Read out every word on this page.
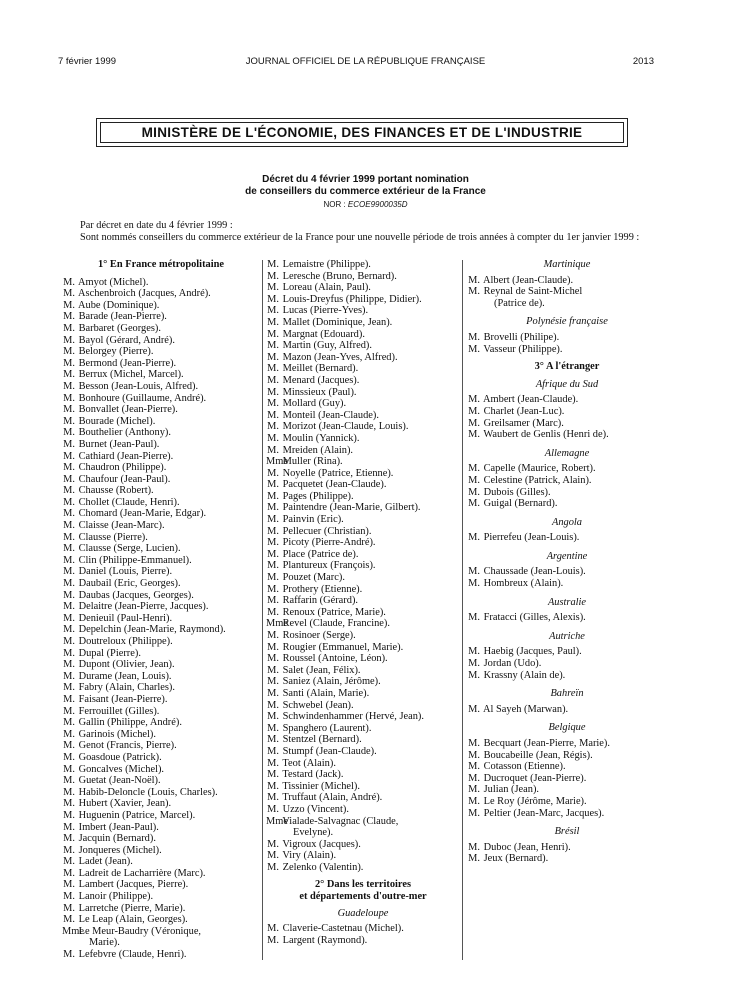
7 février 1999	JOURNAL OFFICIEL DE LA RÉPUBLIQUE FRANÇAISE	2013
MINISTÈRE DE L'ÉCONOMIE, DES FINANCES ET DE L'INDUSTRIE
Décret du 4 février 1999 portant nomination
de conseillers du commerce extérieur de la France
NOR : ECOE9900035D

Par décret en date du 4 février 1999 :

Sont nommés conseillers du commerce extérieur de la France pour une nouvelle période de trois années à compter du 1er janvier 1999 :

1° En France métropolitaine
M. Amyot (Michel).
M. Aschenbroich (Jacques, André).
M. Aube (Dominique).
M. Barade (Jean-Pierre).
M. Barbaret (Georges).
M. Bayol (Gérard, André).
M. Belorgey (Pierre).
M. Bermond (Jean-Pierre).
M. Berrux (Michel, Marcel).
M. Besson (Jean-Louis, Alfred).
M. Bonhoure (Guillaume, André).
M. Bonvallet (Jean-Pierre).
M. Bourade (Michel).
M. Bouthelier (Anthony).
M. Burnet (Jean-Paul).
M. Cathiard (Jean-Pierre).
M. Chaudron (Philippe).
M. Chaufour (Jean-Paul).
M. Chausse (Robert).
M. Chollet (Claude, Henri).
M. Chomard (Jean-Marie, Edgar).
M. Claisse (Jean-Marc).
M. Clausse (Pierre).
M. Clausse (Serge, Lucien).
M. Clin (Philippe-Emmanuel).
M. Daniel (Louis, Pierre).
M. Daubail (Eric, Georges).
M. Daubas (Jacques, Georges).
M. Delaitre (Jean-Pierre, Jacques).
M. Denieuil (Paul-Henri).
M. Depelchin (Jean-Marie, Raymond).
M. Doutreloux (Philippe).
M. Dupal (Pierre).
M. Dupont (Olivier, Jean).
M. Durame (Jean, Louis).
M. Fabry (Alain, Charles).
M. Faisant (Jean-Pierre).
M. Ferrouillet (Gilles).
M. Gallin (Philippe, André).
M. Garinois (Michel).
M. Genot (Francis, Pierre).
M. Goasdoue (Patrick).
M. Goncalves (Michel).
M. Guetat (Jean-Noël).
M. Habib-Deloncle (Louis, Charles).
M. Hubert (Xavier, Jean).
M. Huguenin (Patrice, Marcel).
M. Imbert (Jean-Paul).
M. Jacquin (Bernard).
M. Jonqueres (Michel).
M. Ladet (Jean).
M. Ladreit de Lacharrière (Marc).
M. Lambert (Jacques, Pierre).
M. Lanoir (Philippe).
M. Larretche (Pierre, Marie).
M. Le Leap (Alain, Georges).
Mme Le Meur-Baudry (Véronique,
Marie).
M. Lefebvre (Claude, Henri).
M. Lemaistre (Philippe).
M. Leresche (Bruno, Bernard).
M. Loreau (Alain, Paul).
M. Louis-Dreyfus (Philippe, Didier).
M. Lucas (Pierre-Yves).
M. Mallet (Dominique, Jean).
M. Margnat (Edouard).
M. Martin (Guy, Alfred).
M. Mazon (Jean-Yves, Alfred).
M. Meillet (Bernard).
M. Menard (Jacques).
M. Minssieux (Paul).
M. Mollard (Guy).
M. Monteil (Jean-Claude).
M. Morizot (Jean-Claude, Louis).
M. Moulin (Yannick).
M. Mreiden (Alain).
Mme Muller (Rina).
M. Noyelle (Patrice, Etienne).
M. Pacquetet (Jean-Claude).
M. Pages (Philippe).
M. Paintendre (Jean-Marie, Gilbert).
M. Painvin (Eric).
M. Pellecuer (Christian).
M. Picoty (Pierre-André).
M. Place (Patrice de).
M. Plantureux (François).
M. Pouzet (Marc).
M. Prothery (Etienne).
M. Raffarin (Gérard).
M. Renoux (Patrice, Marie).
Mme Revel (Claude, Francine).
M. Rosinoer (Serge).
M. Rougier (Emmanuel, Marie).
M. Roussel (Antoine, Léon).
M. Salet (Jean, Félix).
M. Saniez (Alain, Jérôme).
M. Santi (Alain, Marie).
M. Schwebel (Jean).
M. Schwindenhammer (Hervé, Jean).
M. Spanghero (Laurent).
M. Stentzel (Bernard).
M. Stumpf (Jean-Claude).
M. Teot (Alain).
M. Testard (Jack).
M. Tissinier (Michel).
M. Truffaut (Alain, André).
M. Uzzo (Vincent).
Mme Vialade-Salvagnac (Claude,
Evelyne).
M. Vigroux (Jacques).
M. Viry (Alain).
M. Zelenko (Valentin).
2° Dans les territoires
et départements d'outre-mer
Guadeloupe
M. Claverie-Castetnau (Michel).
M. Largent (Raymond).
Martinique
M. Albert (Jean-Claude).
M. Reynal de Saint-Michel
(Patrice de).
Polynésie française
M. Brovelli (Philipe).
M. Vasseur (Philippe).
3° A l'étranger
Afrique du Sud
M. Ambert (Jean-Claude).
M. Charlet (Jean-Luc).
M. Greilsamer (Marc).
M. Waubert de Genlis (Henri de).
Allemagne
M. Capelle (Maurice, Robert).
M. Celestine (Patrick, Alain).
M. Dubois (Gilles).
M. Guigal (Bernard).
Angola
M. Pierrefeu (Jean-Louis).
Argentine
M. Chaussade (Jean-Louis).
M. Hombreux (Alain).
Australie
M. Fratacci (Gilles, Alexis).
Autriche
M. Haebig (Jacques, Paul).
M. Jordan (Udo).
M. Krassny (Alain de).
Bahreïn
M. Al Sayeh (Marwan).
Belgique
M. Becquart (Jean-Pierre, Marie).
M. Boucabeille (Jean, Régis).
M. Cotasson (Etienne).
M. Ducroquet (Jean-Pierre).
M. Julian (Jean).
M. Le Roy (Jérôme, Marie).
M. Peltier (Jean-Marc, Jacques).
Brésil
M. Duboc (Jean, Henri).
M. Jeux (Bernard).
